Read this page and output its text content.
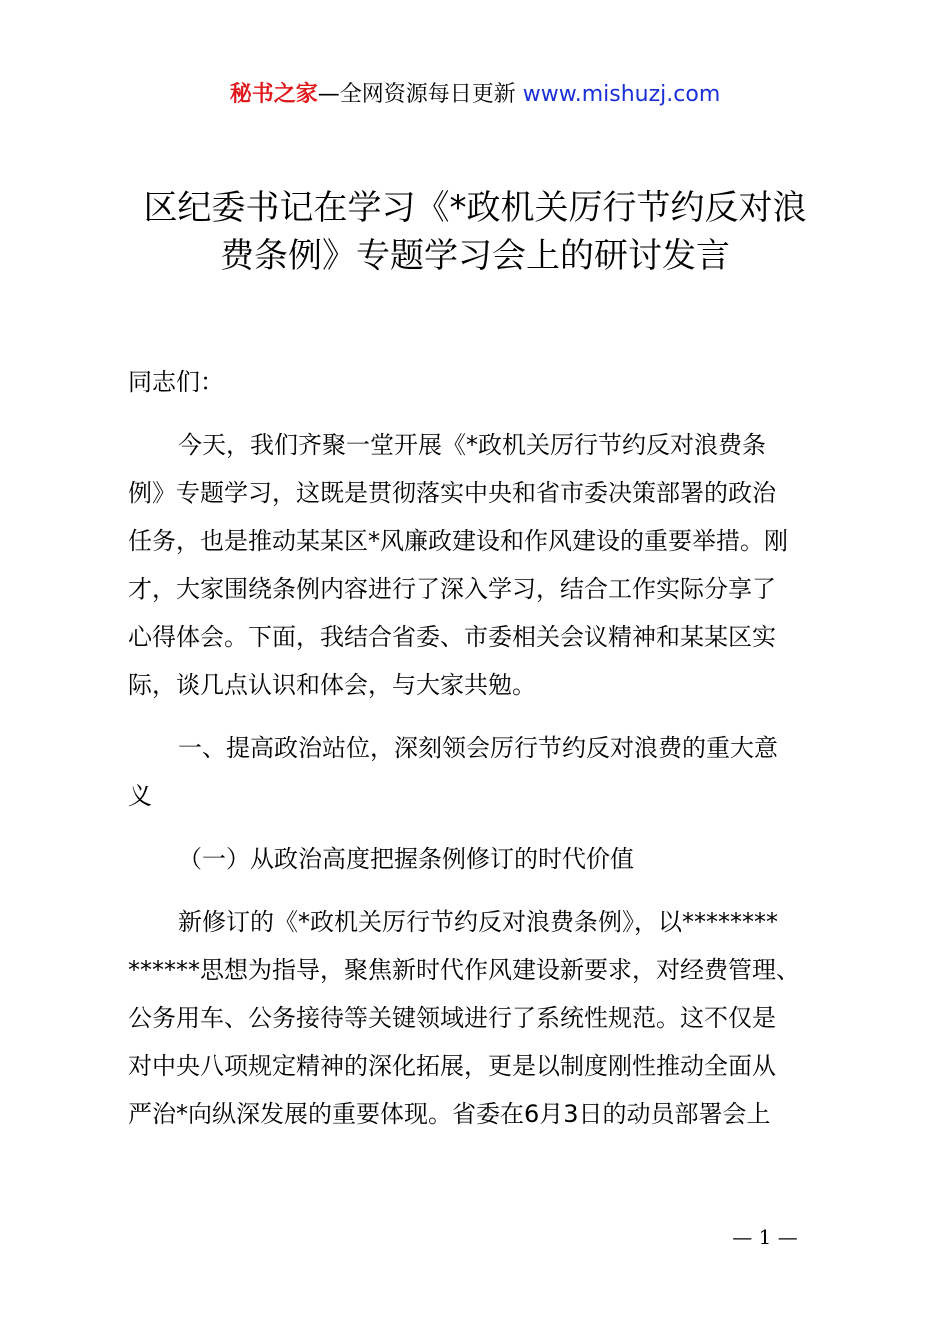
秘书之家—全网资源每日更新 www.mishuzj.com
区纪委书记在学习《*政机关厉行节约反对浪
费条例》专题学习会上的研讨发言
同志们：
今天，我们齐聚一堂开展《*政机关厉行节约反对浪费条
例》专题学习，这既是贯彻落实中央和省市委决策部署的政治
任务，也是推动某某区*风廉政建设和作风建设的重要举措。刚
才，大家围绕条例内容进行了深入学习，结合工作实际分享了
心得体会。下面，我结合省委、市委相关会议精神和某某区实
际，谈几点认识和体会，与大家共勉。
一、提高政治站位，深刻领会厉行节约反对浪费的重大意
义
（一）从政治高度把握条例修订的时代价值
新修订的《*政机关厉行节约反对浪费条例》，以********
******思想为指导，聚焦新时代作风建设新要求，对经费管理、
公务用车、公务接待等关键领域进行了系统性规范。这不仅是
对中央八项规定精神的深化拓展，更是以制度刚性推动全面从
严治*向纵深发展的重要体现。省委在6月3日的动员部署会上
— 1 —
